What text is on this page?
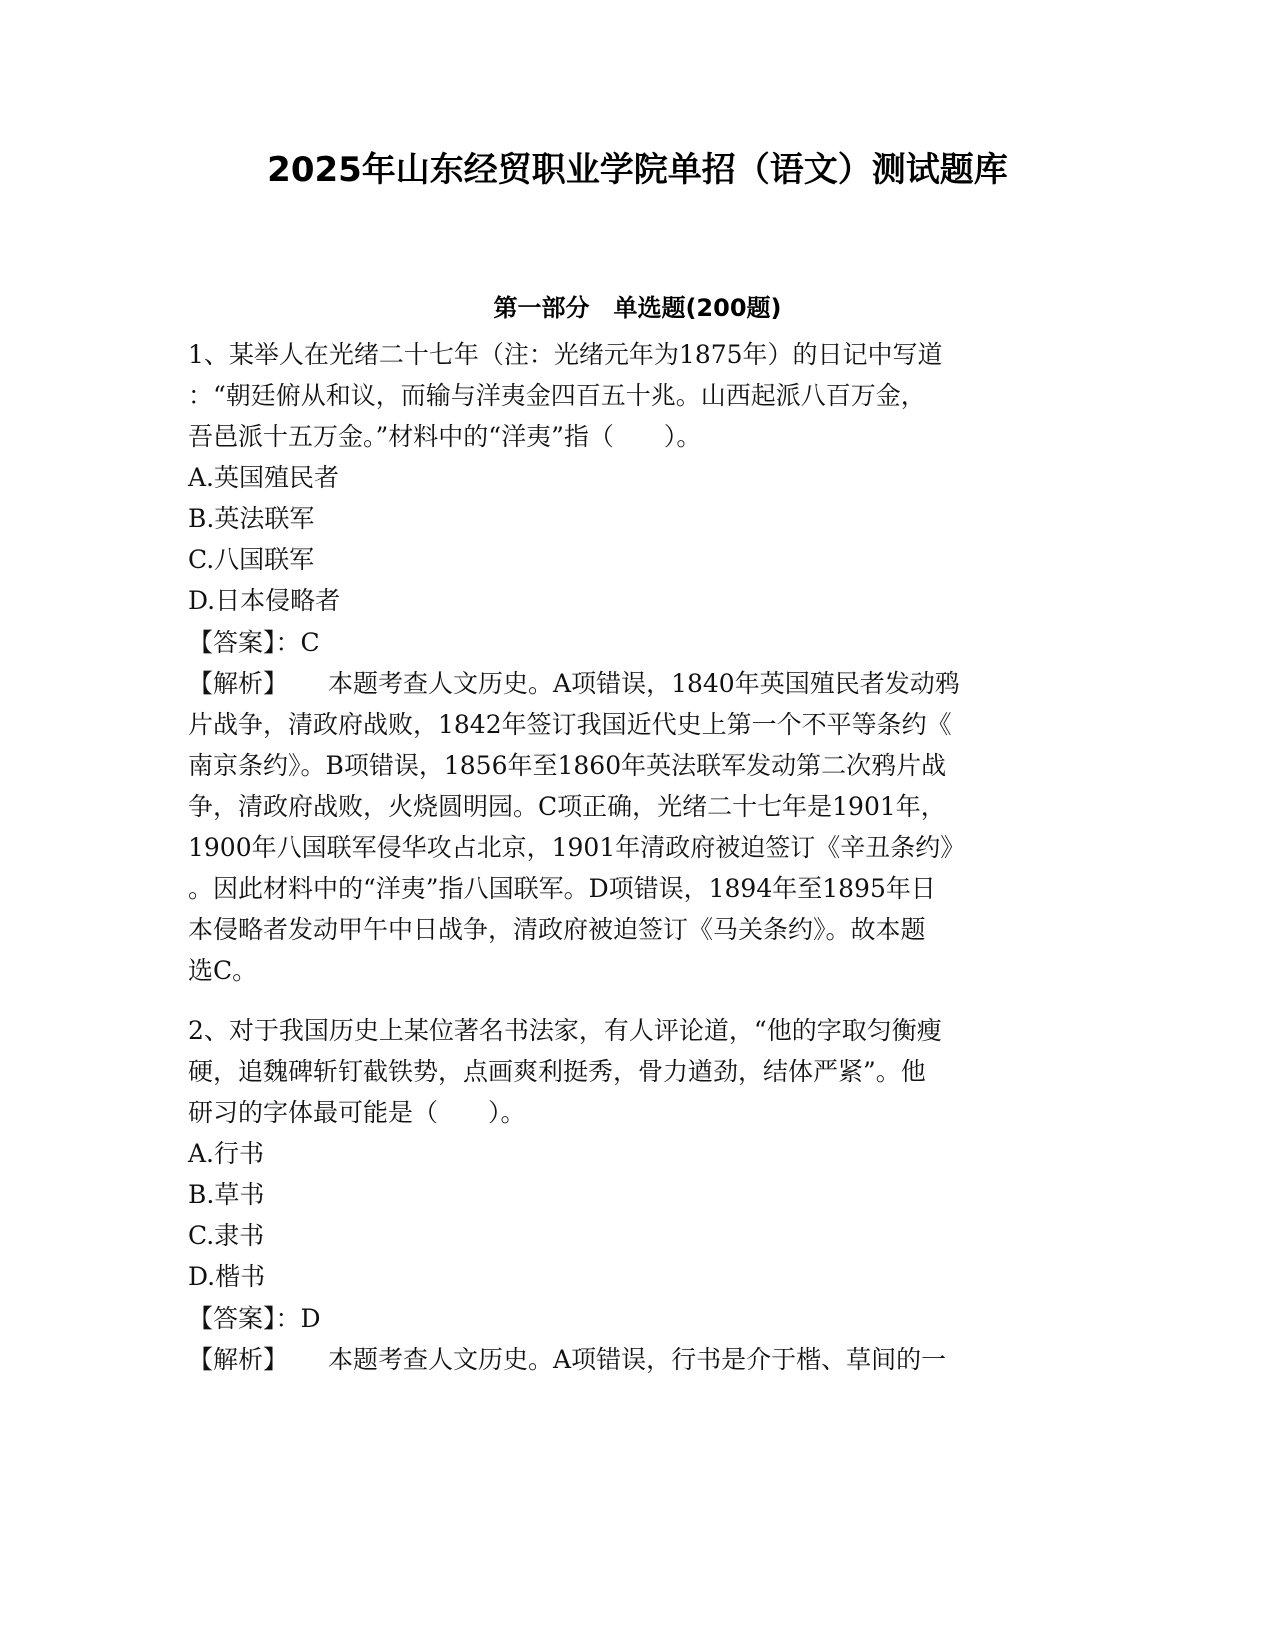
2025年山东经贸职业学院单招（语文）测试题库
第一部分　单选题(200题)

1、某举人在光绪二十七年（注：光绪元年为1875年）的日记中写道

：“朝廷俯从和议，而输与洋夷金四百五十兆。山西起派八百万金，

吾邑派十五万金。”材料中的“洋夷”指（　　）。

A.英国殖民者

B.英法联军

C.八国联军

D.日本侵略者

【答案】：C

【解析】 本题考查人文历史。A项错误，1840年英国殖民者发动鸦

片战争，清政府战败，1842年签订我国近代史上第一个不平等条约《

南京条约》。B项错误，1856年至1860年英法联军发动第二次鸦片战

争，清政府战败，火烧圆明园。C项正确，光绪二十七年是1901年，

1900年八国联军侵华攻占北京，1901年清政府被迫签订《辛丑条约》

。因此材料中的“洋夷”指八国联军。D项错误，1894年至1895年日

本侵略者发动甲午中日战争，清政府被迫签订《马关条约》。故本题

选C。

2、对于我国历史上某位著名书法家，有人评论道，“他的字取匀衡瘦

硬，追魏碑斩钉截铁势，点画爽利挺秀，骨力遒劲，结体严紧”。他

研习的字体最可能是（　　）。

A.行书

B.草书

C.隶书

D.楷书

【答案】：D

【解析】 本题考查人文历史。A项错误，行书是介于楷、草间的一
